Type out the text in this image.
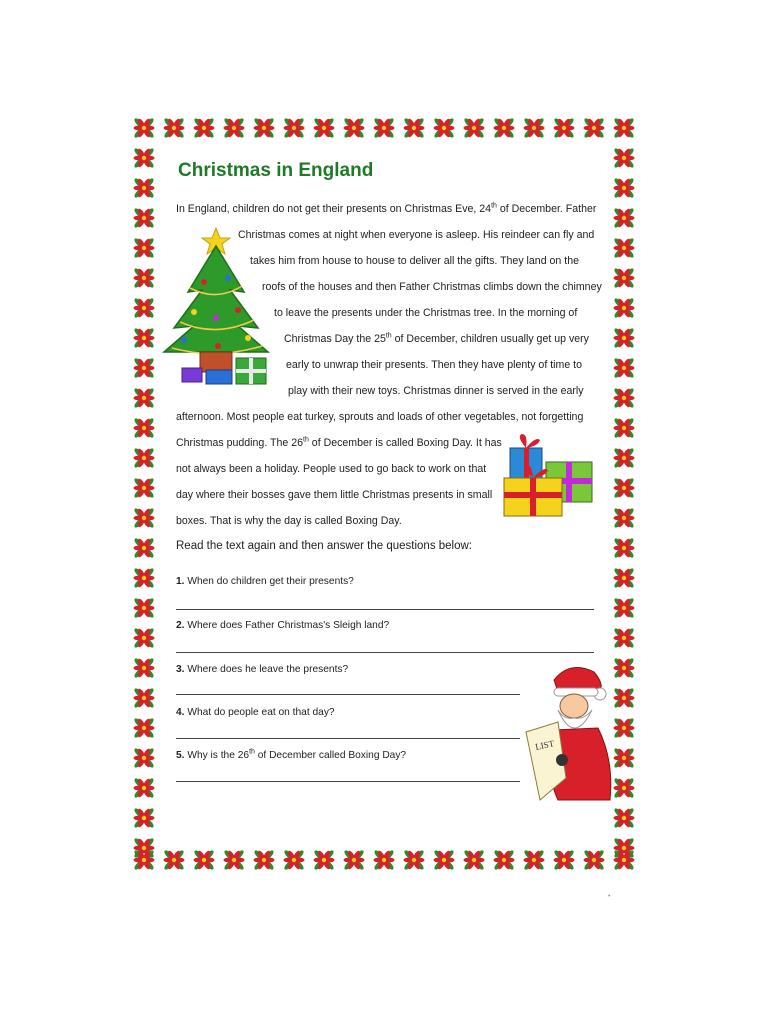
Christmas in England
In England, children do not get their presents on Christmas Eve, 24th of December. Father
Christmas comes at night when everyone is asleep. His reindeer can fly and
takes him from house to house to deliver all the gifts. They land on the
roofs of the houses and then Father Christmas climbs down the chimney
to leave the presents under the Christmas tree. In the morning of
Christmas Day the 25th of December, children usually get up very
early to unwrap their presents. Then they have plenty of time to
play with their new toys. Christmas dinner is served in the early
afternoon. Most people eat turkey, sprouts and loads of other vegetables, not forgetting
Christmas pudding. The 26th of December is called Boxing Day. It has
not always been a holiday. People used to go back to work on that
day where their bosses gave them little Christmas presents in small
boxes. That is why the day is called Boxing Day.

Read the text again and then answer the questions below:

1. When do children get their presents?
2. Where does Father Christmas's Sleigh land?
3. Where does he leave the presents?
4. What do people eat on that day?
5. Why is the 26th of December called Boxing Day?
LIST
•
